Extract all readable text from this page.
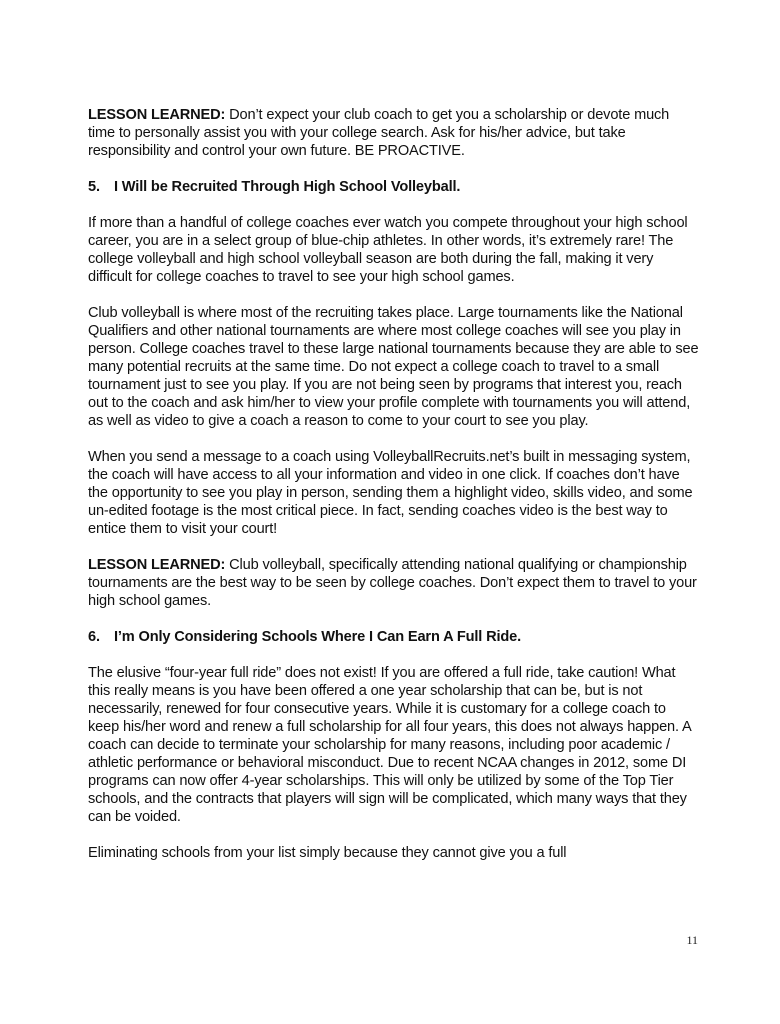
LESSON LEARNED: Don’t expect your club coach to get you a scholarship or devote much time to personally assist you with your college search. Ask for his/her advice, but take responsibility and control your own future. BE PROACTIVE.

5. I Will be Recruited Through High School Volleyball.

If more than a handful of college coaches ever watch you compete throughout your high school career, you are in a select group of blue-chip athletes. In other words, it’s extremely rare! The college volleyball and high school volleyball season are both during the fall, making it very difficult for college coaches to travel to see your high school games.

Club volleyball is where most of the recruiting takes place. Large tournaments like the National Qualifiers and other national tournaments are where most college coaches will see you play in person. College coaches travel to these large national tournaments because they are able to see many potential recruits at the same time. Do not expect a college coach to travel to a small tournament just to see you play. If you are not being seen by programs that interest you, reach out to the coach and ask him/her to view your profile complete with tournaments you will attend, as well as video to give a coach a reason to come to your court to see you play.

When you send a message to a coach using VolleyballRecruits.net’s built in messaging system, the coach will have access to all your information and video in one click. If coaches don’t have the opportunity to see you play in person, sending them a highlight video, skills video, and some un-edited footage is the most critical piece. In fact, sending coaches video is the best way to entice them to visit your court!

LESSON LEARNED: Club volleyball, specifically attending national qualifying or championship tournaments are the best way to be seen by college coaches. Don’t expect them to travel to your high school games.

6. I’m Only Considering Schools Where I Can Earn A Full Ride.

The elusive “four-year full ride” does not exist! If you are offered a full ride, take caution! What this really means is you have been offered a one year scholarship that can be, but is not necessarily, renewed for four consecutive years. While it is customary for a college coach to keep his/her word and renew a full scholarship for all four years, this does not always happen. A coach can decide to terminate your scholarship for many reasons, including poor academic / athletic performance or behavioral misconduct. Due to recent NCAA changes in 2012, some DI programs can now offer 4-year scholarships. This will only be utilized by some of the Top Tier schools, and the contracts that players will sign will be complicated, which many ways that they can be voided.

Eliminating schools from your list simply because they cannot give you a full

11
